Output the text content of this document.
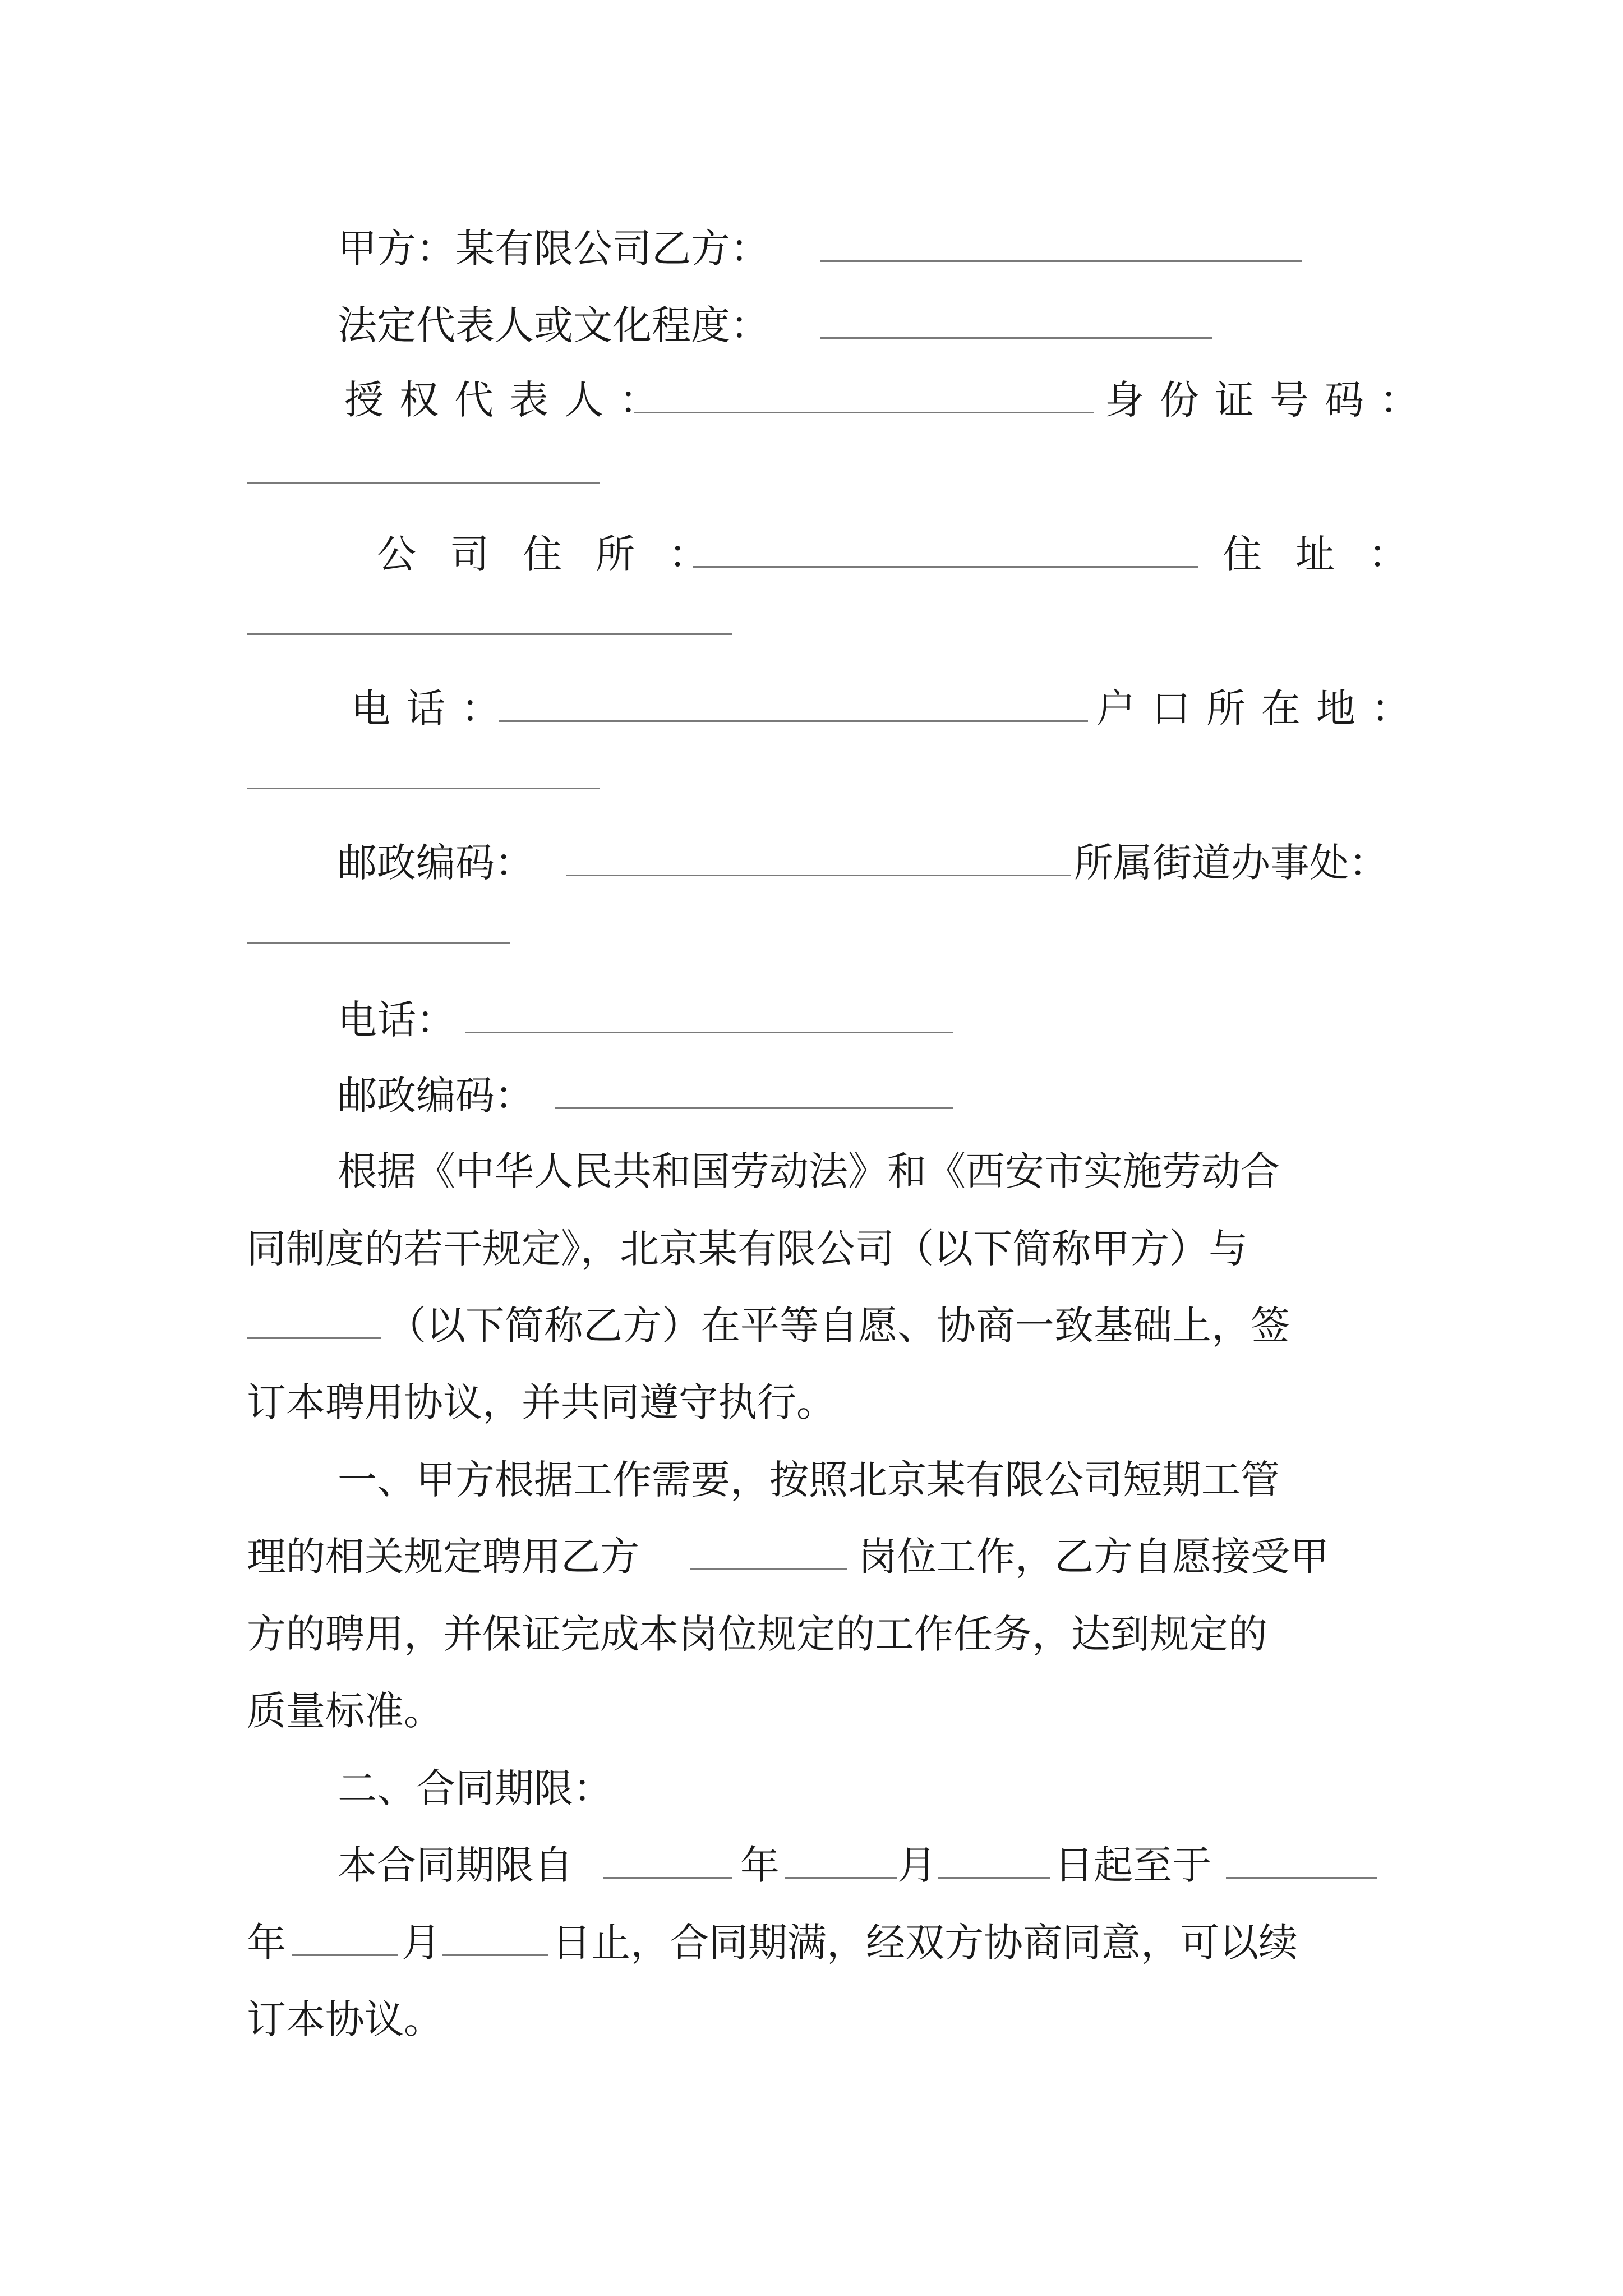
甲方：某有限公司乙方：
法定代表人或文化程度：
授权代表人：	身份证号码：
公司住所：	住址：
电话：	户口所在地：
邮政编码：	所属街道办事处：
电话：
邮政编码：
根据《中华人民共和国劳动法》和《西安市实施劳动合
同制度的若干规定》，北京某有限公司（以下简称甲方）与
（以下简称乙方）在平等自愿、协商一致基础上，签
订本聘用协议，并共同遵守执行。
一、甲方根据工作需要，按照北京某有限公司短期工管
理的相关规定聘用乙方	岗位工作，乙方自愿接受甲
方的聘用，并保证完成本岗位规定的工作任务，达到规定的
质量标准。
二、合同期限：
本合同期限自	年	月	日起至于
年	月	日止，合同期满，经双方协商同意，可以续
订本协议。
